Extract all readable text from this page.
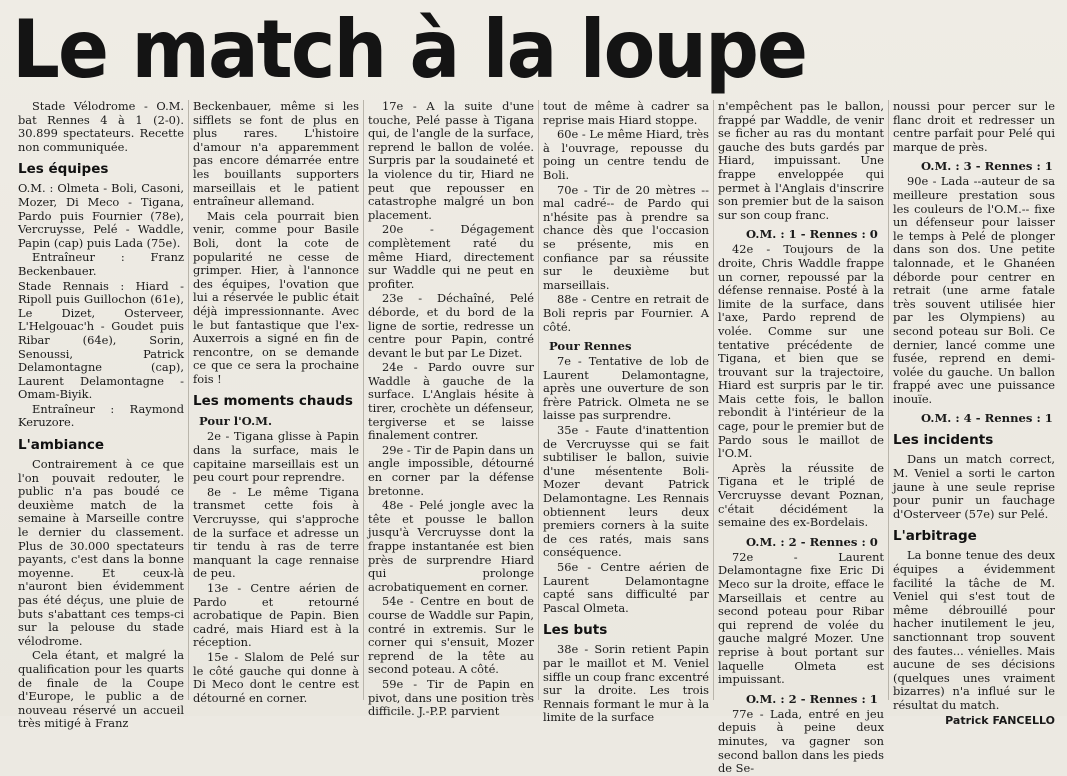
Le match à la loupe

Stade Vélodrome - O.M. bat Rennes 4 à 1 (2-0). 30.899 spectateurs. Recette non communiquée.

Les équipes

O.M. : Olmeta - Boli, Casoni, Mozer, Di Meco - Tigana, Pardo puis Fournier (78e), Vercruysse, Pelé - Waddle, Papin (cap) puis Lada (75e).

Entraîneur : Franz Beckenbauer.

Stade Rennais : Hiard - Ripoll puis Guillochon (61e), Le Dizet, Osterveer, L'Helgouac'h - Goudet puis Ribar (64e), Sorin, Senoussi, Patrick Delamontagne (cap), Laurent Delamontagne - Omam-Biyik.

Entraîneur : Raymond Keruzore.

L'ambiance

Contrairement à ce que l'on pouvait redouter, le public n'a pas boudé ce deuxième match de la semaine à Marseille contre le dernier du classement. Plus de 30.000 spectateurs payants, c'est dans la bonne moyenne. Et ceux-là n'auront bien évidemment pas été déçus, une pluie de buts s'abattant ces temps-ci sur la pelouse du stade vélodrome.

Cela étant, et malgré la qualification pour les quarts de finale de la Coupe d'Europe, le public a de nouveau réservé un accueil très mitigé à Franz

Beckenbauer, même si les sifflets se font de plus en plus rares. L'histoire d'amour n'a apparemment pas encore démarrée entre les bouillants supporters marseillais et le patient entraîneur allemand.

Mais cela pourrait bien venir, comme pour Basile Boli, dont la cote de popularité ne cesse de grimper. Hier, à l'annonce des équipes, l'ovation que lui a réservée le public était déjà impressionnante. Avec le but fantastique que l'ex-Auxerrois a signé en fin de rencontre, on se demande ce que ce sera la prochaine fois !

Les moments chauds
Pour l'O.M.

2e - Tigana glisse à Papin dans la surface, mais le capitaine marseillais est un peu court pour reprendre.

8e - Le même Tigana transmet cette fois à Vercruysse, qui s'approche de la surface et adresse un tir tendu à ras de terre manquant la cage rennaise de peu.

13e - Centre aérien de Pardo et retourné acrobatique de Papin. Bien cadré, mais Hiard est à la réception.

15e - Slalom de Pelé sur le côté gauche qui donne à Di Meco dont le centre est détourné en corner.

17e - A la suite d'une touche, Pelé passe à Tigana qui, de l'angle de la surface, reprend le ballon de volée. Surpris par la soudaineté et la violence du tir, Hiard ne peut que repousser en catastrophe malgré un bon placement.

20e - Dégagement complètement raté du même Hiard, directement sur Waddle qui ne peut en profiter.

23e - Déchaîné, Pelé déborde, et du bord de la ligne de sortie, redresse un centre pour Papin, contré devant le but par Le Dizet.

24e - Pardo ouvre sur Waddle à gauche de la surface. L'Anglais hésite à tirer, crochète un défenseur, tergiverse et se laisse finalement contrer.

29e - Tir de Papin dans un angle impossible, détourné en corner par la défense bretonne.

48e - Pelé jongle avec la tête et pousse le ballon jusqu'à Vercruysse dont la frappe instantanée est bien près de surprendre Hiard qui prolonge acrobatiquement en corner.

54e - Centre en bout de course de Waddle sur Papin, contré in extremis. Sur le corner qui s'ensuit, Mozer reprend de la tête au second poteau. A côté.

59e - Tir de Papin en pivot, dans une position très difficile. J.-P.P. parvient

tout de même à cadrer sa reprise mais Hiard stoppe.

60e - Le même Hiard, très à l'ouvrage, repousse du poing un centre tendu de Boli.

70e - Tir de 20 mètres --mal cadré-- de Pardo qui n'hésite pas à prendre sa chance dès que l'occasion se présente, mis en confiance par sa réussite sur le deuxième but marseillais.

88e - Centre en retrait de Boli repris par Fournier. A côté.

Pour Rennes

7e - Tentative de lob de Laurent Delamontagne, après une ouverture de son frère Patrick. Olmeta ne se laisse pas surprendre.

35e - Faute d'inattention de Vercruysse qui se fait subtiliser le ballon, suivie d'une mésentente Boli-Mozer devant Patrick Delamontagne. Les Rennais obtiennent leurs deux premiers corners à la suite de ces ratés, mais sans conséquence.

56e - Centre aérien de Laurent Delamontagne capté sans difficulté par Pascal Olmeta.

Les buts

38e - Sorin retient Papin par le maillot et M. Veniel siffle un coup franc excentré sur la droite. Les trois Rennais formant le mur à la limite de la surface

n'empêchent pas le ballon, frappé par Waddle, de venir se ficher au ras du montant gauche des buts gardés par Hiard, impuissant. Une frappe enveloppée qui permet à l'Anglais d'inscrire son premier but de la saison sur son coup franc.

O.M. : 1 - Rennes : 0

42e - Toujours de la droite, Chris Waddle frappe un corner, repoussé par la défense rennaise. Posté à la limite de la surface, dans l'axe, Pardo reprend de volée. Comme sur une tentative précédente de Tigana, et bien que se trouvant sur la trajectoire, Hiard est surpris par le tir. Mais cette fois, le ballon rebondit à l'intérieur de la cage, pour le premier but de Pardo sous le maillot de l'O.M.

Après la réussite de Tigana et le triplé de Vercruysse devant Poznan, c'était décidément la semaine des ex-Bordelais.

O.M. : 2 - Rennes : 0

72e - Laurent Delamontagne fixe Eric Di Meco sur la droite, efface le Marseillais et centre au second poteau pour Ribar qui reprend de volée du gauche malgré Mozer. Une reprise à bout portant sur laquelle Olmeta est impuissant.

O.M. : 2 - Rennes : 1

77e - Lada, entré en jeu depuis à peine deux minutes, va gagner son second ballon dans les pieds de Se-

noussi pour percer sur le flanc droit et redresser un centre parfait pour Pelé qui marque de près.

O.M. : 3 - Rennes : 1

90e - Lada --auteur de sa meilleure prestation sous les couleurs de l'O.M.-- fixe un défenseur pour laisser le temps à Pelé de plonger dans son dos. Une petite talonnade, et le Ghanéen déborde pour centrer en retrait (une arme fatale très souvent utilisée hier par les Olympiens) au second poteau sur Boli. Ce dernier, lancé comme une fusée, reprend en demi-volée du gauche. Un ballon frappé avec une puissance inouïe.

O.M. : 4 - Rennes : 1
Les incidents

Dans un match correct, M. Veniel a sorti le carton jaune à une seule reprise pour punir un fauchage d'Osterveer (57e) sur Pelé.

L'arbitrage

La bonne tenue des deux équipes a évidemment facilité la tâche de M. Veniel qui s'est tout de même débrouillé pour hacher inutilement le jeu, sanctionnant trop souvent des fautes... vénielles. Mais aucune de ses décisions (quelques unes vraiment bizarres) n'a influé sur le résultat du match.

Patrick FANCELLO
